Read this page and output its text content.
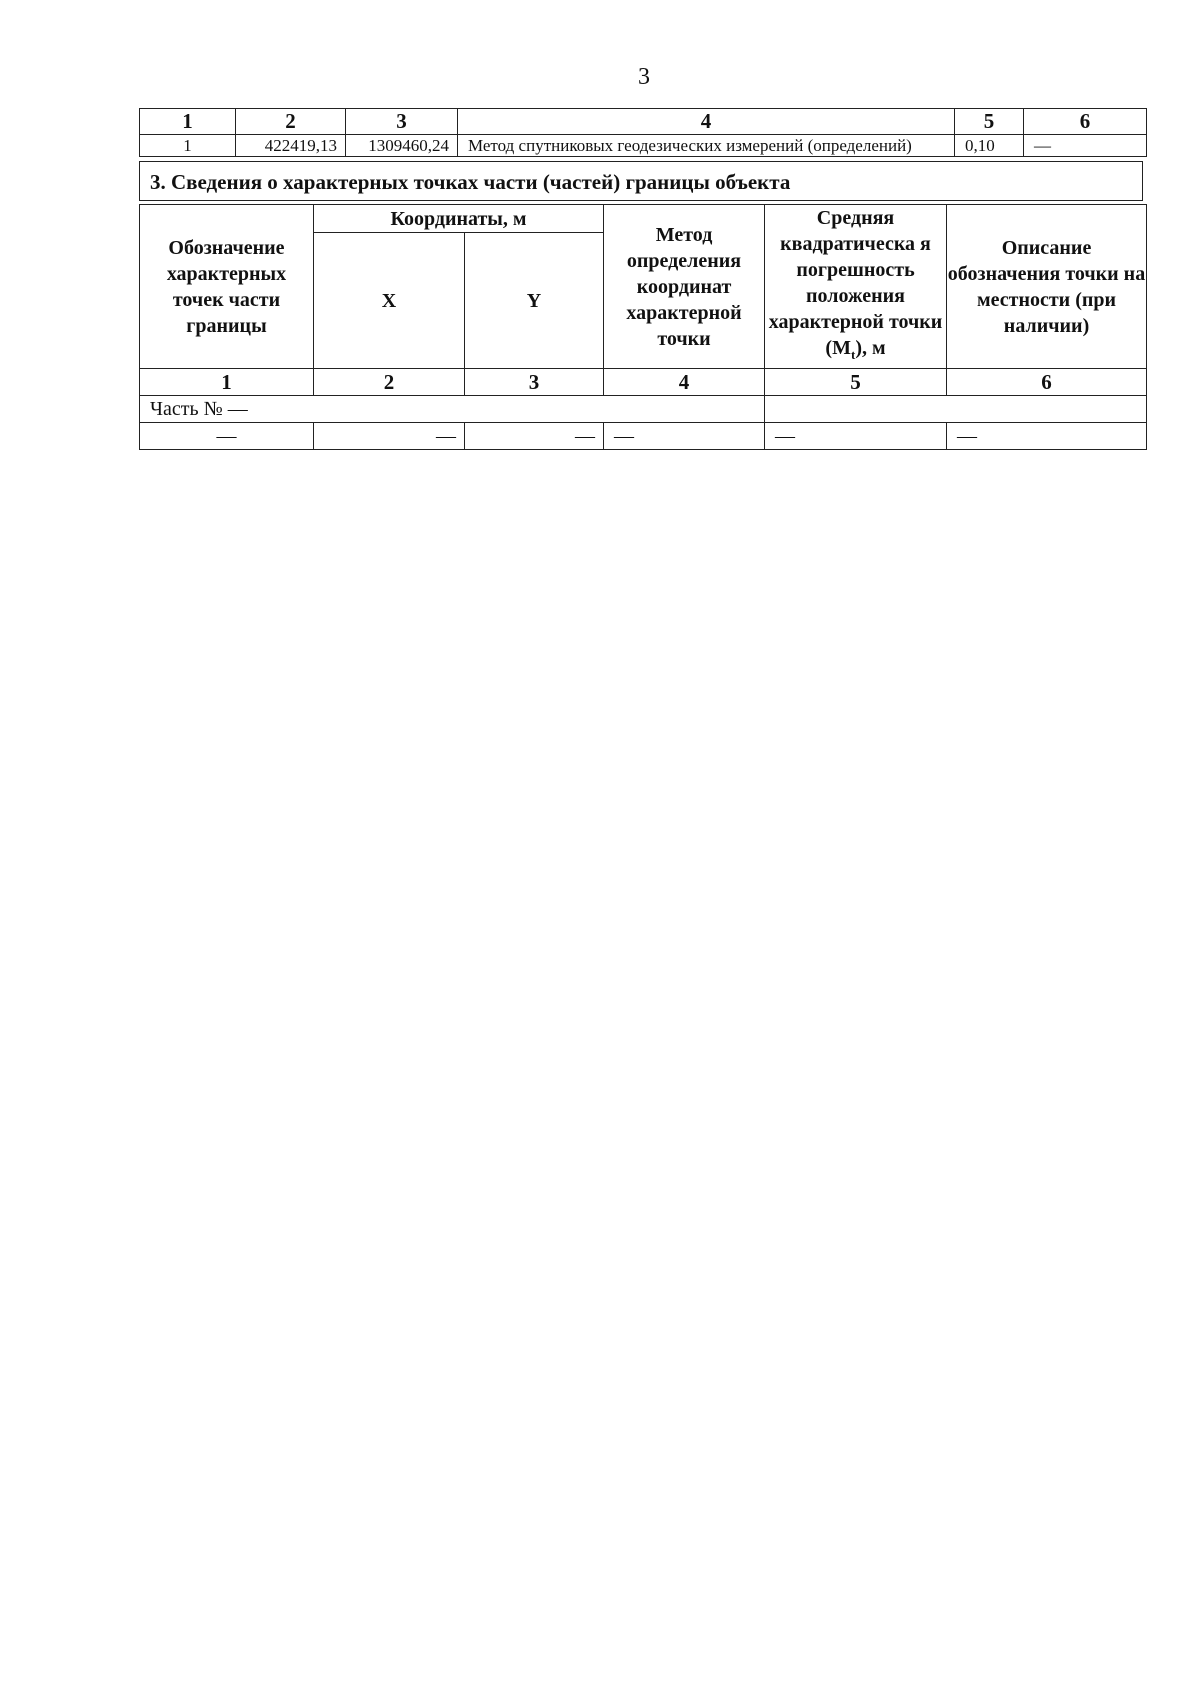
3
1	2	3	4	5	6
1	422419,13	1309460,24	Метод спутниковых геодезических измерений (определений)	0,10	—
3. Сведения о характерных точках части (частей) границы объекта
Обозначение характерных точек части границы	Координаты, м		Метод определения координат характерной точки	Средняя квадратическа я погрешность положения характерной точки $(M_t)$, м	Описание обозначения точки на местности (при наличии)
	X	Y			
1	2	3	4	5	6
Часть № —					
—	—	—	—	—	—
